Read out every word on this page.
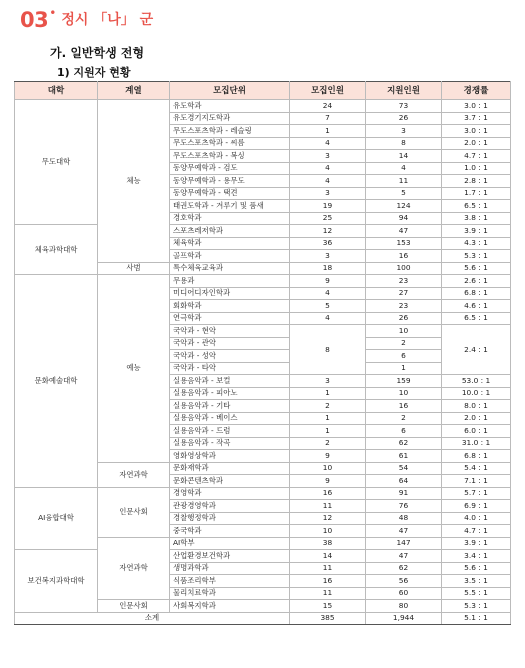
03 • 정시 「나」 군
가. 일반학생 전형
1) 지원자 현황
대학	계열	모집단위	모집인원	지원인원	경쟁률
무도대학	체능	유도학과	24	73	3.0 : 1
		유도경기지도학과	7	26	3.7 : 1
		무도스포츠학과 - 레슬링	1	3	3.0 : 1
		무도스포츠학과 - 씨름	4	8	2.0 : 1
		무도스포츠학과 - 복싱	3	14	4.7 : 1
		동양무예학과 - 검도	4	4	1.0 : 1
		동양무예학과 - 용무도	4	11	2.8 : 1
		동양무예학과 - 택견	3	5	1.7 : 1
		태권도학과 - 겨루기 및 품새	19	124	6.5 : 1
		경호학과	25	94	3.8 : 1
체육과학대학		스포츠레저학과	12	47	3.9 : 1
		체육학과	36	153	4.3 : 1
		골프학과	3	16	5.3 : 1
	사범	특수체육교육과	18	100	5.6 : 1
문화예술대학	예능	무용과	9	23	2.6 : 1
		미디어디자인학과	4	27	6.8 : 1
		회화학과	5	23	4.6 : 1
		연극학과	4	26	6.5 : 1
		국악과 - 현악	8	10	2.4 : 1
		국악과 - 관악		2	
		국악과 - 성악		6	
		국악과 - 타악		1	
		실용음악과 - 보컬	3	159	53.0 : 1
		실용음악과 - 피아노	1	10	10.0 : 1
		실용음악과 - 기타	2	16	8.0 : 1
		실용음악과 - 베이스	1	2	2.0 : 1
		실용음악과 - 드럼	1	6	6.0 : 1
		실용음악과 - 작곡	2	62	31.0 : 1
		영화영상학과	9	61	6.8 : 1
	자연과학	문화재학과	10	54	5.4 : 1
		문화콘텐츠학과	9	64	7.1 : 1
AI융합대학	인문사회	경영학과	16	91	5.7 : 1
		관광경영학과	11	76	6.9 : 1
		경찰행정학과	12	48	4.0 : 1
		중국학과	10	47	4.7 : 1
	자연과학	AI학부	38	147	3.9 : 1
보건복지과학대학		산업환경보건학과	14	47	3.4 : 1
		생명과학과	11	62	5.6 : 1
		식품조리학부	16	56	3.5 : 1
		물리치료학과	11	60	5.5 : 1
	인문사회	사회복지학과	15	80	5.3 : 1
소계			385	1,944	5.1 : 1
